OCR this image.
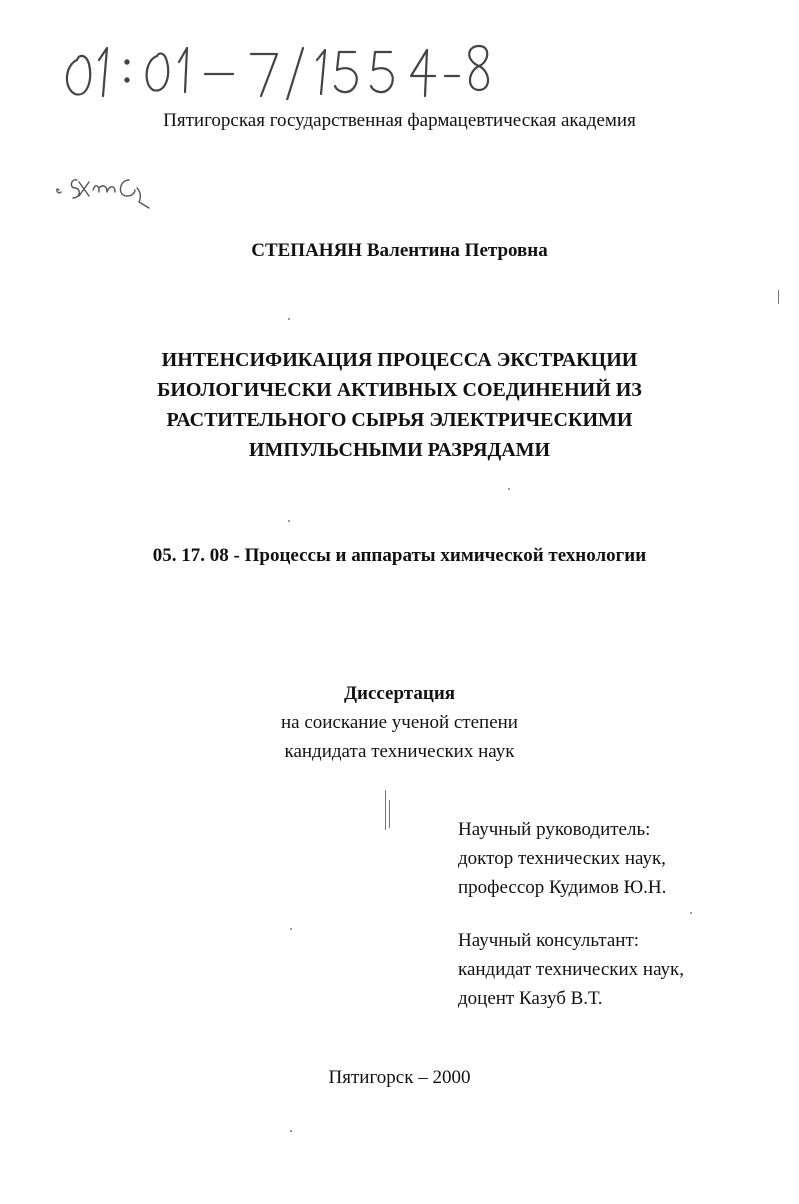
Пятигорская государственная фармацевтическая академия
СТЕПАНЯН Валентина Петровна
ИНТЕНСИФИКАЦИЯ ПРОЦЕССА ЭКСТРАКЦИИ
БИОЛОГИЧЕСКИ АКТИВНЫХ СОЕДИНЕНИЙ ИЗ
РАСТИТЕЛЬНОГО СЫРЬЯ ЭЛЕКТРИЧЕСКИМИ
ИМПУЛЬСНЫМИ РАЗРЯДАМИ
05. 17. 08 - Процессы и аппараты химической технологии
Диссертация
на соискание ученой степени
кандидата технических наук
Научный руководитель:
доктор технических наук,
профессор Кудимов Ю.Н.
Научный консультант:
кандидат технических наук,
доцент Казуб В.Т.
Пятигорск – 2000
